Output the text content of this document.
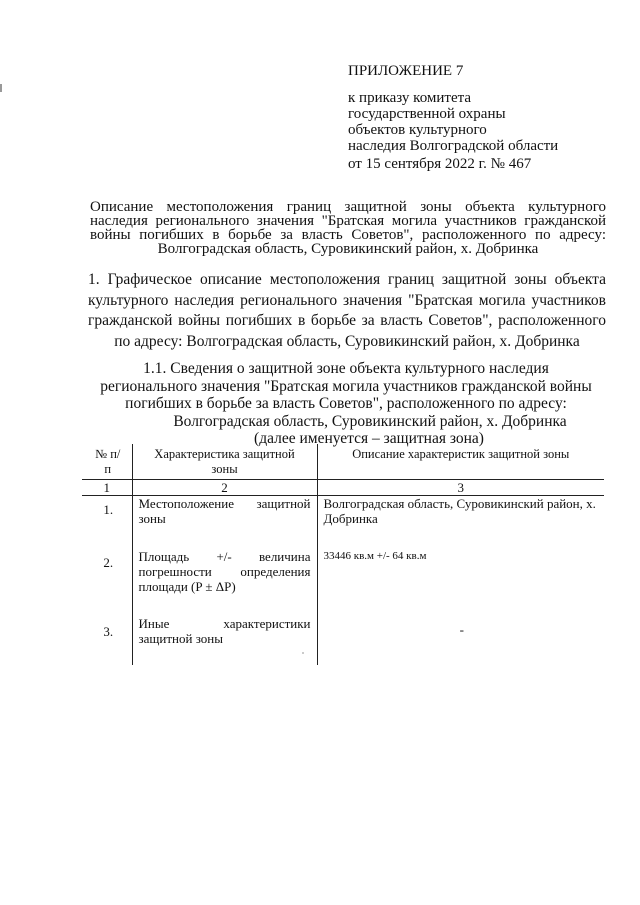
ПРИЛОЖЕНИЕ 7
к приказу комитета
государственной охраны
объектов культурного
наследия Волгоградской области
от 15 сентября 2022 г. № 467
Описание местоположения границ защитной зоны объекта культурного наследия регионального значения "Братская могила участников гражданской войны погибших в борьбе за власть Советов", расположенного по адресу: Волгоградская область, Суровикинский район, х. Добринка
1. Графическое описание местоположения границ защитной зоны объекта культурного наследия регионального значения "Братская могила участников гражданской войны погибших в борьбе за власть Советов", расположенного по адресу: Волгоградская область, Суровикинский район, х. Добринка
1.1. Сведения о защитной зоне объекта культурного наследия
регионального значения "Братская могила участников гражданской войны
погибших в борьбе за власть Советов", расположенного по адресу:
Волгоградская область, Суровикинский район, х. Добринка
(далее именуется – защитная зона)
№ п/п	Характеристика защитной зоны	Описание характеристик защитной зоны
1	2	3
1.	Местоположение защитной зоны	Волгоградская область, Суровикинский район, х. Добринка
2.	Площадь +/- величина погрешности определения площади (P ± ΔP)	33446 кв.м +/- 64 кв.м
3.	Иные характеристики защитной зоны	-
